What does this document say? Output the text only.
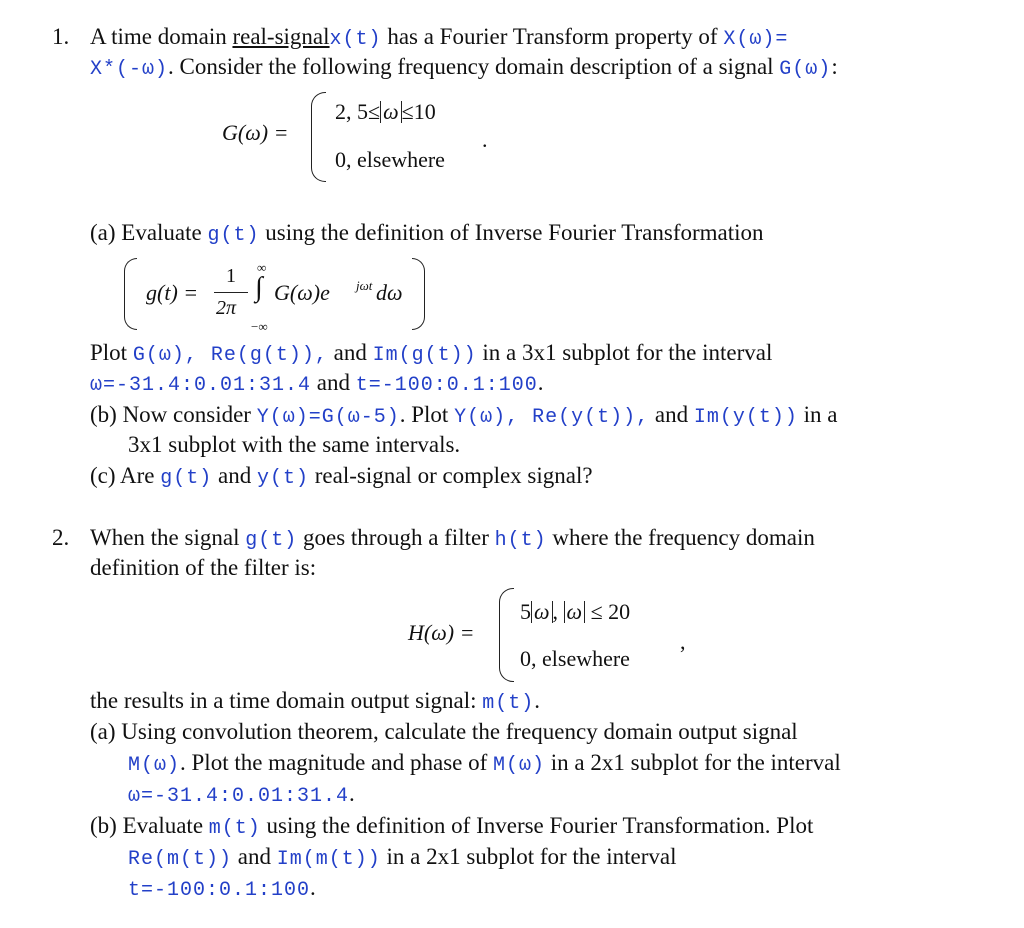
1. A time domain real-signalx(t) has a Fourier Transform property of X(ω)=
X*(-ω). Consider the following frequency domain description of a signal G(ω):
G(ω) =
2, 5≤ ω ≤10
0, elsewhere
.
(a) Evaluate g(t) using the definition of Inverse Fourier Transformation
g(t) =
1
2π
∞
∫
−∞
G(ω)e jωt dω
Plot G(ω), Re(g(t)), and Im(g(t)) in a 3x1 subplot for the interval
ω=-31.4:0.01:31.4 and t=-100:0.1:100.
(b) Now consider Y(ω)=G(ω-5). Plot Y(ω), Re(y(t)), and Im(y(t)) in a
3x1 subplot with the same intervals.
(c) Are g(t) and y(t) real-signal or complex signal?
2. When the signal g(t) goes through a filter h(t) where the frequency domain
definition of the filter is:
H(ω) =
5 ω , ω ≤ 20
0, elsewhere
,
the results in a time domain output signal: m(t).
(a) Using convolution theorem, calculate the frequency domain output signal
M(ω). Plot the magnitude and phase of M(ω) in a 2x1 subplot for the interval
ω=-31.4:0.01:31.4.
(b) Evaluate m(t) using the definition of Inverse Fourier Transformation. Plot
Re(m(t)) and Im(m(t)) in a 2x1 subplot for the interval
t=-100:0.1:100.
